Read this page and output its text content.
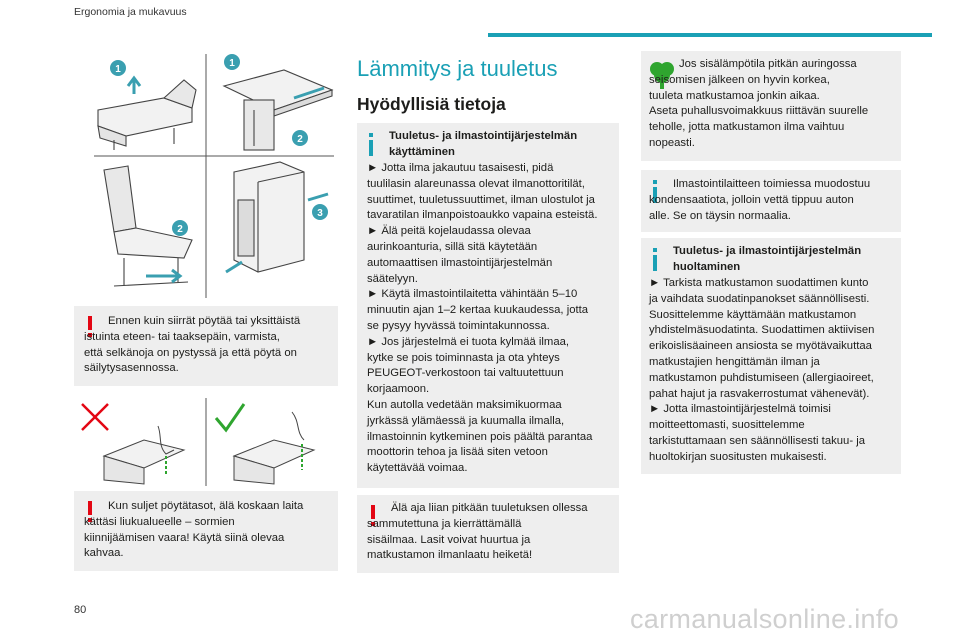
Ergonomia ja mukavuus
1
1
2
2
3

Ennen kuin siirrät pöytää tai yksittäistä
istuinta eteen- tai taaksepäin, varmista,
että selkänoja on pystyssä ja että pöytä on
säilytysasennossa.

Kun suljet pöytätasot, älä koskaan laita
kättäsi liukualueelle – sormien
kiinnijäämisen vaara! Käytä siinä olevaa
kahvaa.

Lämmitys ja tuuletus
Hyödyllisiä tietoja

Tuuletus- ja ilmastointijärjestelmän
käyttäminen

► Jotta ilma jakautuu tasaisesti, pidä
tuulilasin alareunassa olevat ilmanottoritilät,
suuttimet, tuuletussuuttimet, ilman ulostulot ja
tavaratilan ilmanpoistoaukko vapaina esteistä.
► Älä peitä kojelaudassa olevaa
aurinkoanturia, sillä sitä käytetään
automaattisen ilmastointijärjestelmän
säätelyyn.
► Käytä ilmastointilaitetta vähintään 5–10
minuutin ajan 1–2 kertaa kuukaudessa, jotta
se pysyy hyvässä toimintakunnossa.
► Jos järjestelmä ei tuota kylmää ilmaa,
kytke se pois toiminnasta ja ota yhteys
PEUGEOT-verkostoon tai valtuutettuun
korjaamoon.
Kun autolla vedetään maksimikuormaa
jyrkässä ylämäessä ja kuumalla ilmalla,
ilmastoinnin kytkeminen pois päältä parantaa
moottorin tehoa ja lisää siten vetoon
käytettävää voimaa.

Älä aja liian pitkään tuuletuksen ollessa
sammutettuna ja kierrättämällä
sisäilmaa. Lasit voivat huurtua ja
matkustamon ilmanlaatu heiketä!

Jos sisälämpötila pitkän auringossa
seisomisen jälkeen on hyvin korkea,
tuuleta matkustamoa jonkin aikaa.
Aseta puhallusvoimakkuus riittävän suurelle
teholle, jotta matkustamon ilma vaihtuu
nopeasti.

Ilmastointilaitteen toimiessa muodostuu
kondensaatiota, jolloin vettä tippuu auton
alle. Se on täysin normaalia.

Tuuletus- ja ilmastointijärjestelmän
huoltaminen

► Tarkista matkustamon suodattimen kunto
ja vaihdata suodatinpanokset säännöllisesti.
Suosittelemme käyttämään matkustamon
yhdistelmäsuodatinta. Suodattimen aktiivisen
erikoislisäaineen ansiosta se myötävaikuttaa
matkustajien hengittämän ilman ja
matkustamon puhdistumiseen (allergiaoireet,
pahat hajut ja rasvakerrostumat vähenevät).
► Jotta ilmastointijärjestelmä toimisi
moitteettomasti, suosittelemme
tarkistuttamaan sen säännöllisesti takuu- ja
huoltokirjan suositusten mukaisesti.

80	carmanualsonline.info
